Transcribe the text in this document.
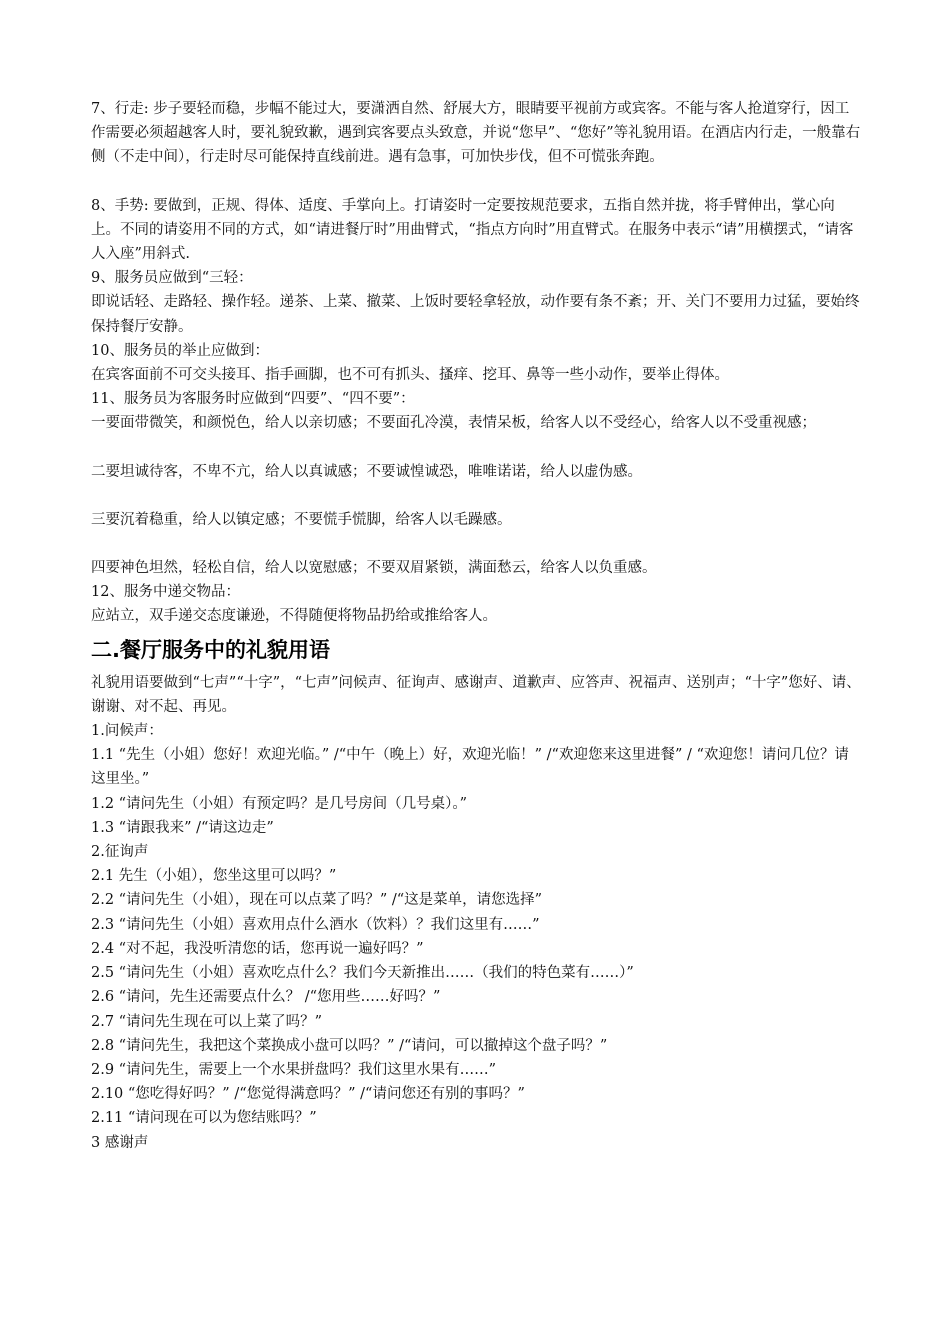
7、行走: 步子要轻而稳，步幅不能过大，要潇洒自然、舒展大方，眼睛要平视前方或宾客。不能与客人抢道穿行，因工作需要必须超越客人时，要礼貌致歉，遇到宾客要点头致意，并说“您早”、“您好”等礼貌用语。在酒店内行走，一般靠右侧（不走中间），行走时尽可能保持直线前进。遇有急事，可加快步伐，但不可慌张奔跑。

8、手势: 要做到，正规、得体、适度、手掌向上。打请姿时一定要按规范要求，五指自然并拢，将手臂伸出，掌心向上。不同的请姿用不同的方式，如“请进餐厅时”用曲臂式，“指点方向时”用直臂式。在服务中表示“请”用横摆式，“请客人入座”用斜式.

9、服务员应做到“三轻：

即说话轻、走路轻、操作轻。递茶、上菜、撤菜、上饭时要轻拿轻放，动作要有条不紊；开、关门不要用力过猛，要始终保持餐厅安静。

10、服务员的举止应做到：

在宾客面前不可交头接耳、指手画脚，也不可有抓头、搔痒、挖耳、鼻等一些小动作，要举止得体。

11、服务员为客服务时应做到“四要”、“四不要”：

一要面带微笑，和颜悦色，给人以亲切感；不要面孔冷漠，表情呆板，给客人以不受经心，给客人以不受重视感；

二要坦诚待客，不卑不亢，给人以真诚感；不要诚惶诚恐，唯唯诺诺，给人以虚伪感。

三要沉着稳重，给人以镇定感；不要慌手慌脚，给客人以毛躁感。

四要神色坦然，轻松自信，给人以宽慰感；不要双眉紧锁，满面愁云，给客人以负重感。

12、服务中递交物品：

应站立，双手递交态度谦逊，不得随便将物品扔给或推给客人。

二.餐厅服务中的礼貌用语

礼貌用语要做到“七声”“十字”，“七声”问候声、征询声、感谢声、道歉声、应答声、祝福声、送别声；“十字”您好、请、谢谢、对不起、再见。

1.问候声：

1.1 “先生（小姐）您好！欢迎光临。” /“中午（晚上）好，欢迎光临！” /“欢迎您来这里进餐” / “欢迎您！请问几位？请这里坐。”

1.2 “请问先生（小姐）有预定吗？是几号房间（几号桌）。”

1.3 “请跟我来” /“请这边走”

2.征询声

2.1 先生（小姐），您坐这里可以吗？”

2.2 “请问先生（小姐），现在可以点菜了吗？” /“这是菜单，请您选择”

2.3 “请问先生（小姐）喜欢用点什么酒水（饮料）？我们这里有……”

2.4 “对不起，我没听清您的话，您再说一遍好吗？”

2.5 “请问先生（小姐）喜欢吃点什么？我们今天新推出……（我们的特色菜有……）”

2.6 “请问，先生还需要点什么？ /“您用些……好吗？”

2.7 “请问先生现在可以上菜了吗？”

2.8 “请问先生，我把这个菜换成小盘可以吗？” /“请问，可以撤掉这个盘子吗？”

2.9 “请问先生，需要上一个水果拼盘吗？我们这里水果有……”

2.10 “您吃得好吗？” /“您觉得满意吗？” /“请问您还有别的事吗？”

2.11 “请问现在可以为您结账吗？”

3 感谢声
